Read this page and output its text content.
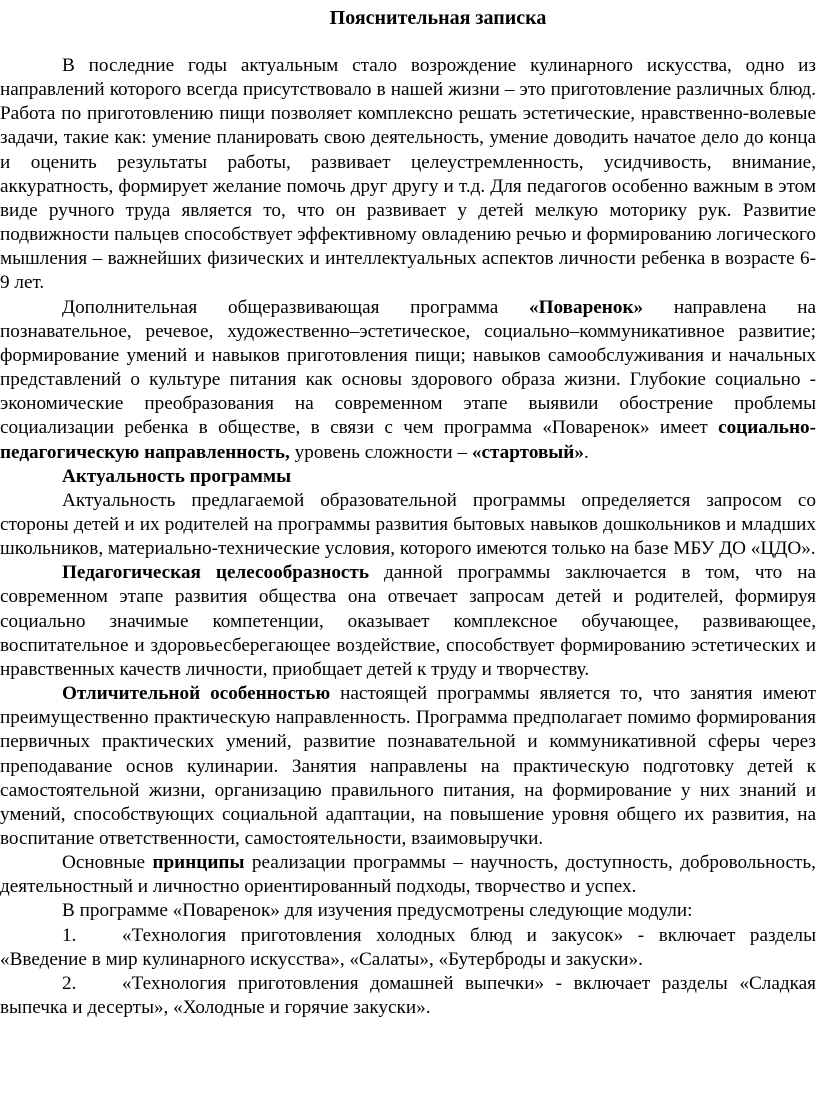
Пояснительная записка

В последние годы актуальным стало возрождение кулинарного искусства, одно из направлений которого всегда присутствовало в нашей жизни – это приготовление различных блюд. Работа по приготовлению пищи позволяет комплексно решать эстетические, нравственно-волевые задачи, такие как: умение планировать свою деятельность, умение доводить начатое дело до конца и оценить результаты работы, развивает целеустремленность, усидчивость, внимание, аккуратность, формирует желание помочь друг другу и т.д. Для педагогов особенно важным в этом виде ручного труда является то, что он развивает у детей мелкую моторику рук. Развитие подвижности пальцев способствует эффективному овладению речью и формированию логического мышления – важнейших физических и интеллектуальных аспектов личности ребенка в возрасте 6-9 лет.

Дополнительная общеразвивающая программа «Поваренок» направлена на познавательное, речевое, художественно–эстетическое, социально–коммуникативное развитие; формирование умений и навыков приготовления пищи; навыков самообслуживания и начальных представлений о культуре питания как основы здорового образа жизни. Глубокие социально - экономические преобразования на современном этапе выявили обострение проблемы социализации ребенка в обществе, в связи с чем программа «Поваренок» имеет социально-педагогическую направленность, уровень сложности – «стартовый».

Актуальность программы

Актуальность предлагаемой образовательной программы определяется запросом со стороны детей и их родителей на программы развития бытовых навыков дошкольников и младших школьников, материально-технические условия, которого имеются только на базе МБУ ДО «ЦДО».

Педагогическая целесообразность данной программы заключается в том, что на современном этапе развития общества она отвечает запросам детей и родителей, формируя социально значимые компетенции, оказывает комплексное обучающее, развивающее, воспитательное и здоровьесберегающее воздействие, способствует формированию эстетических и нравственных качеств личности, приобщает детей к труду и творчеству.

Отличительной особенностью настоящей программы является то, что занятия имеют преимущественно практическую направленность. Программа предполагает помимо формирования первичных практических умений, развитие познавательной и коммуникативной сферы через преподавание основ кулинарии. Занятия направлены на практическую подготовку детей к самостоятельной жизни, организацию правильного питания, на формирование у них знаний и умений, способствующих социальной адаптации, на повышение уровня общего их развития, на воспитание ответственности, самостоятельности, взаимовыручки.

Основные принципы реализации программы – научность, доступность, добровольность, деятельностный и личностно ориентированный подходы, творчество и успех.

В программе «Поваренок» для изучения предусмотрены следующие модули:

1. «Технология приготовления холодных блюд и закусок» - включает разделы «Введение в мир кулинарного искусства», «Салаты», «Бутерброды и закуски».

2. «Технология приготовления домашней выпечки» - включает разделы «Сладкая выпечка и десерты», «Холодные и горячие закуски».
